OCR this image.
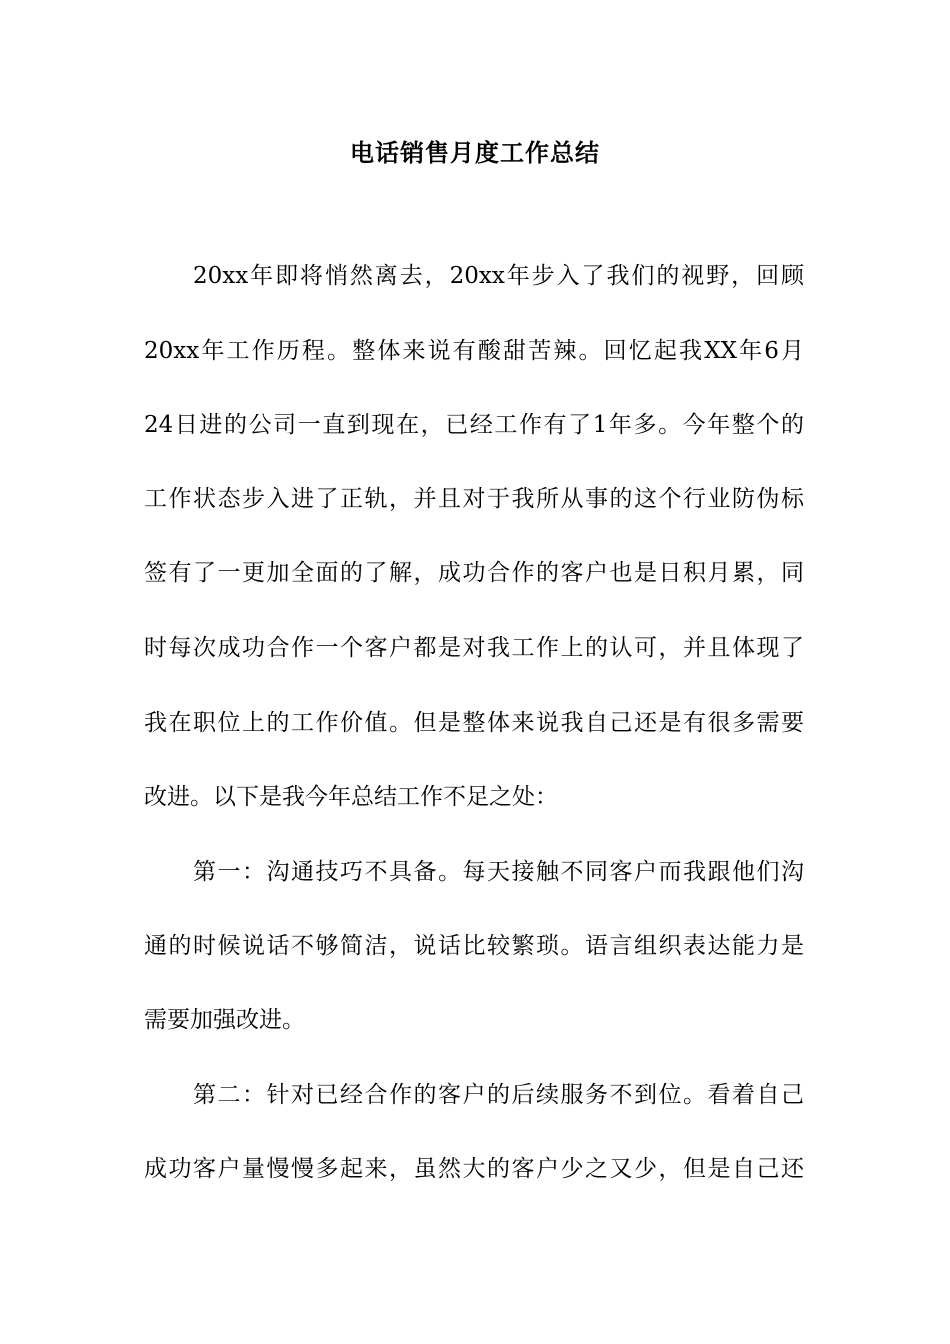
电话销售月度工作总结
20xx年即将悄然离去，20xx年步入了我们的视野，回顾
20xx年工作历程。整体来说有酸甜苦辣。回忆起我XX年6月
24日进的公司一直到现在，已经工作有了1年多。今年整个的
工作状态步入进了正轨，并且对于我所从事的这个行业防伪标
签有了一更加全面的了解，成功合作的客户也是日积月累，同
时每次成功合作一个客户都是对我工作上的认可，并且体现了
我在职位上的工作价值。但是整体来说我自己还是有很多需要
改进。以下是我今年总结工作不足之处：
第一：沟通技巧不具备。每天接触不同客户而我跟他们沟
通的时候说话不够简洁，说话比较繁琐。语言组织表达能力是
需要加强改进。
第二：针对已经合作的客户的后续服务不到位。看着自己
成功客户量慢慢多起来，虽然大的客户少之又少，但是自己还
